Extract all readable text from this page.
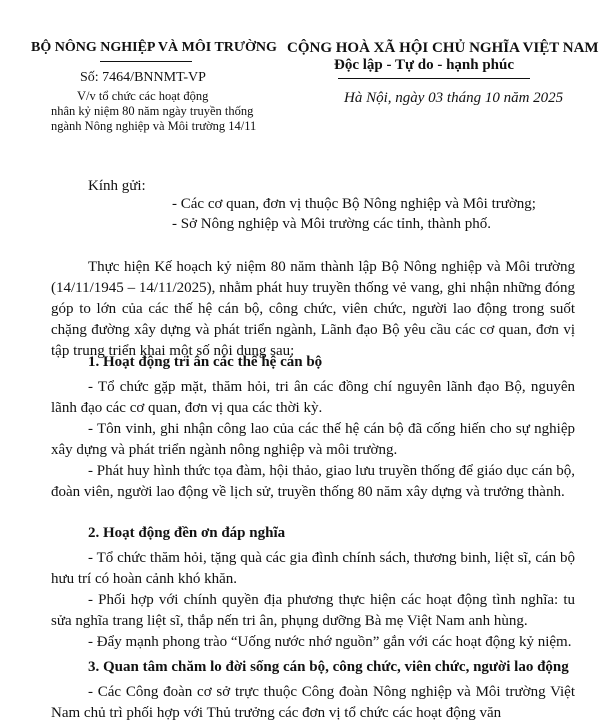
BỘ NÔNG NGHIỆP VÀ MÔI TRƯỜNG
Số: 7464/BNNMT-VP
V/v tổ chức các hoạt động
nhân kỷ niệm 80 năm ngày truyền thống
ngành Nông nghiệp và Môi trường 14/11
CỘNG HOÀ XÃ HỘI CHỦ NGHĨA VIỆT NAM
Độc lập - Tự do - hạnh phúc
Hà Nội, ngày 03 tháng 10 năm 2025
Kính gửi:
- Các cơ quan, đơn vị thuộc Bộ Nông nghiệp và Môi trường;
- Sở Nông nghiệp và Môi trường các tỉnh, thành phố.
Thực hiện Kế hoạch kỷ niệm 80 năm thành lập Bộ Nông nghiệp và Môi trường (14/11/1945 – 14/11/2025), nhằm phát huy truyền thống vẻ vang, ghi nhận những đóng góp to lớn của các thế hệ cán bộ, công chức, viên chức, người lao động trong suốt chặng đường xây dựng và phát triển ngành, Lãnh đạo Bộ yêu cầu các cơ quan, đơn vị tập trung triển khai một số nội dung sau:
1. Hoạt động tri ân các thế hệ cán bộ
- Tổ chức gặp mặt, thăm hỏi, tri ân các đồng chí nguyên lãnh đạo Bộ, nguyên lãnh đạo các cơ quan, đơn vị qua các thời kỳ.
- Tôn vinh, ghi nhận công lao của các thế hệ cán bộ đã cống hiến cho sự nghiệp xây dựng và phát triển ngành nông nghiệp và môi trường.
- Phát huy hình thức tọa đàm, hội thảo, giao lưu truyền thống để giáo dục cán bộ, đoàn viên, người lao động về lịch sử, truyền thống 80 năm xây dựng và trưởng thành.
2. Hoạt động đền ơn đáp nghĩa
- Tổ chức thăm hỏi, tặng quà các gia đình chính sách, thương binh, liệt sĩ, cán bộ hưu trí có hoàn cảnh khó khăn.
- Phối hợp với chính quyền địa phương thực hiện các hoạt động tình nghĩa: tu sửa nghĩa trang liệt sĩ, thắp nến tri ân, phụng dưỡng Bà mẹ Việt Nam anh hùng.
- Đẩy mạnh phong trào “Uống nước nhớ nguồn” gắn với các hoạt động kỷ niệm.
3. Quan tâm chăm lo đời sống cán bộ, công chức, viên chức, người lao động
- Các Công đoàn cơ sở trực thuộc Công đoàn Nông nghiệp và Môi trường Việt Nam chủ trì phối hợp với Thủ trưởng các đơn vị tổ chức các hoạt động văn
